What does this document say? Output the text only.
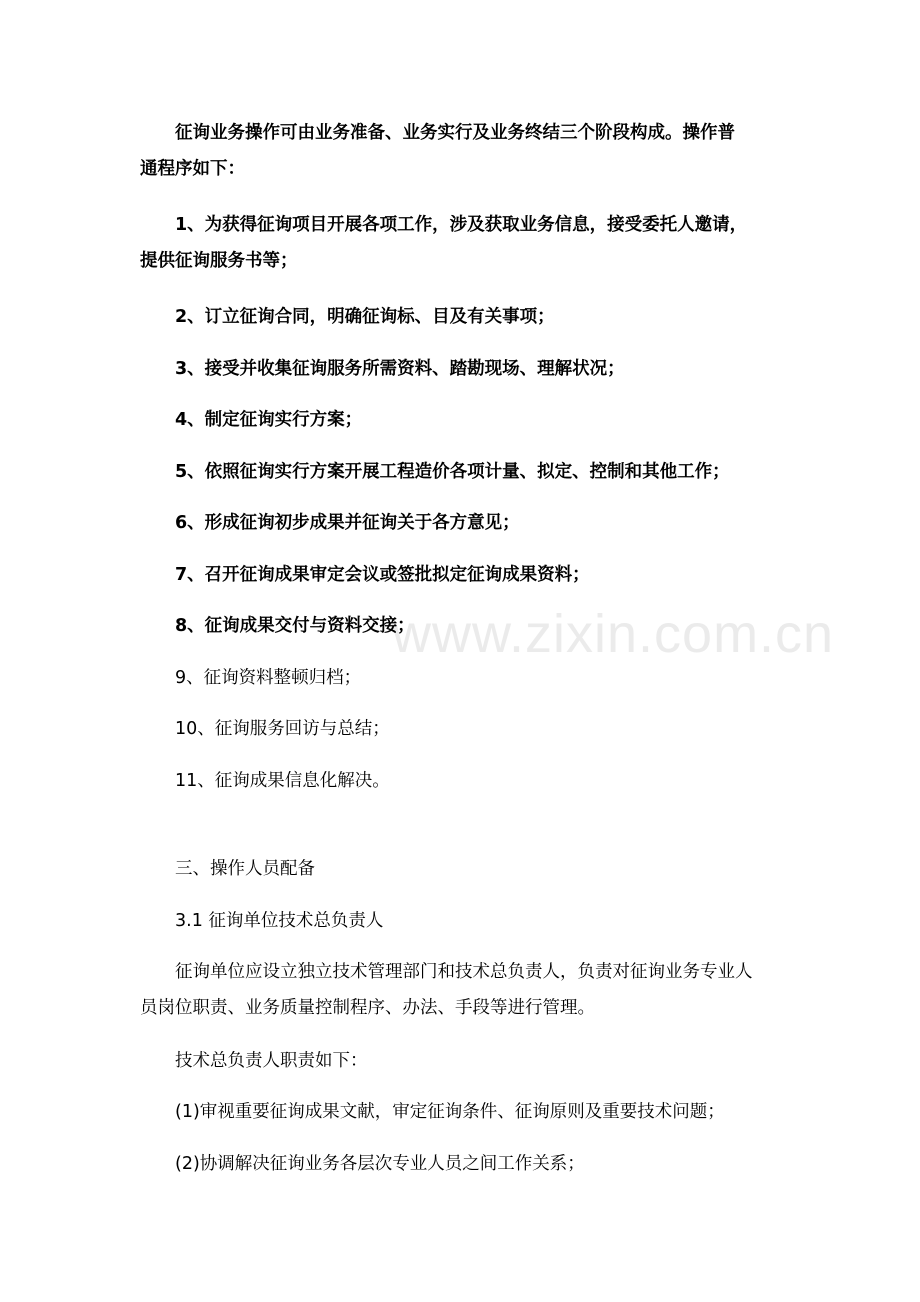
www.zixin.com.cn

征询业务操作可由业务准备、业务实行及业务终结三个阶段构成。操作普
通程序如下：

1、为获得征询项目开展各项工作，涉及获取业务信息，接受委托人邀请，
提供征询服务书等；

2、订立征询合同，明确征询标、目及有关事项；

3、接受并收集征询服务所需资料、踏勘现场、理解状况；

4、制定征询实行方案；

5、依照征询实行方案开展工程造价各项计量、拟定、控制和其他工作；

6、形成征询初步成果并征询关于各方意见；

7、召开征询成果审定会议或签批拟定征询成果资料；

8、征询成果交付与资料交接；

9、征询资料整顿归档；

10、征询服务回访与总结；

11、征询成果信息化解决。

三、操作人员配备

3.1 征询单位技术总负责人

征询单位应设立独立技术管理部门和技术总负责人，负责对征询业务专业人
员岗位职责、业务质量控制程序、办法、手段等进行管理。

技术总负责人职责如下：

(1)审视重要征询成果文献，审定征询条件、征询原则及重要技术问题；

(2)协调解决征询业务各层次专业人员之间工作关系；
